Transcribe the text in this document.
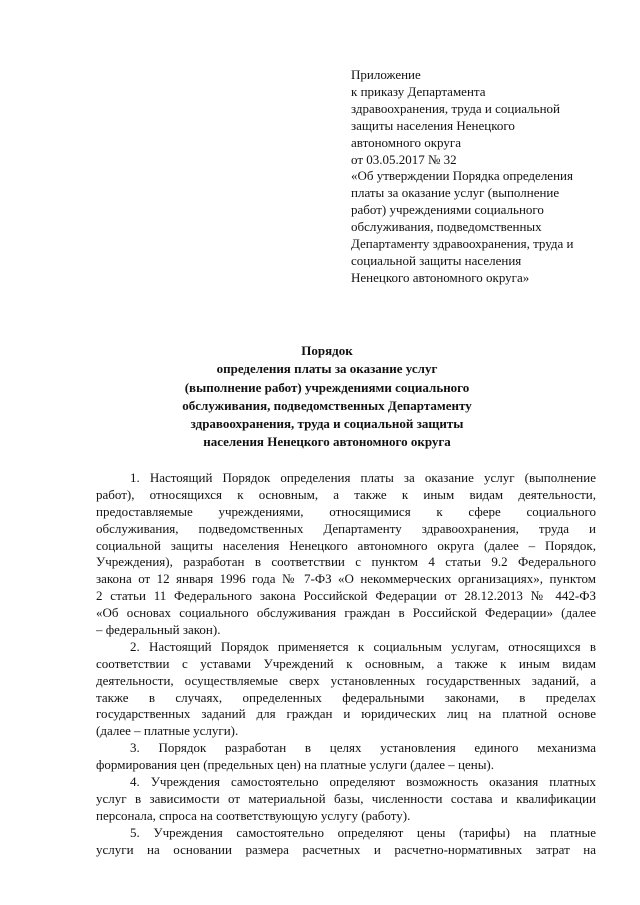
Приложение
к приказу Департамента
здравоохранения, труда и социальной
защиты населения Ненецкого
автономного округа
от 03.05.2017 № 32
«Об утверждении Порядка определения
платы за оказание услуг (выполнение
работ) учреждениями социального
обслуживания, подведомственных
Департаменту здравоохранения, труда и
социальной защиты населения
Ненецкого автономного округа»
Порядок
определения платы за оказание услуг
(выполнение работ) учреждениями социального
обслуживания, подведомственных Департаменту
здравоохранения, труда и социальной защиты
населения Ненецкого автономного округа
1. Настоящий Порядок определения платы за оказание услуг (выполнение
работ), относящихся к основным, а также к иным видам деятельности,
предоставляемые учреждениями, относящимися к сфере социального
обслуживания, подведомственных Департаменту здравоохранения, труда и
социальной защиты населения Ненецкого автономного округа (далее – Порядок,
Учреждения), разработан в соответствии с пунктом 4 статьи 9.2 Федерального
закона от 12 января 1996 года № 7-ФЗ «О некоммерческих организациях», пунктом
2 статьи 11 Федерального закона Российской Федерации от 28.12.2013 № 442-ФЗ
«Об основах социального обслуживания граждан в Российской Федерации» (далее
– федеральный закон).
2. Настоящий Порядок применяется к социальным услугам, относящихся в
соответствии с уставами Учреждений к основным, а также к иным видам
деятельности, осуществляемые сверх установленных государственных заданий, а
также в случаях, определенных федеральными законами, в пределах
государственных заданий для граждан и юридических лиц на платной основе
(далее – платные услуги).
3. Порядок разработан в целях установления единого механизма
формирования цен (предельных цен) на платные услуги (далее – цены).
4. Учреждения самостоятельно определяют возможность оказания платных
услуг в зависимости от материальной базы, численности состава и квалификации
персонала, спроса на соответствующую услугу (работу).
5. Учреждения самостоятельно определяют цены (тарифы) на платные
услуги на основании размера расчетных и расчетно-нормативных затрат на
